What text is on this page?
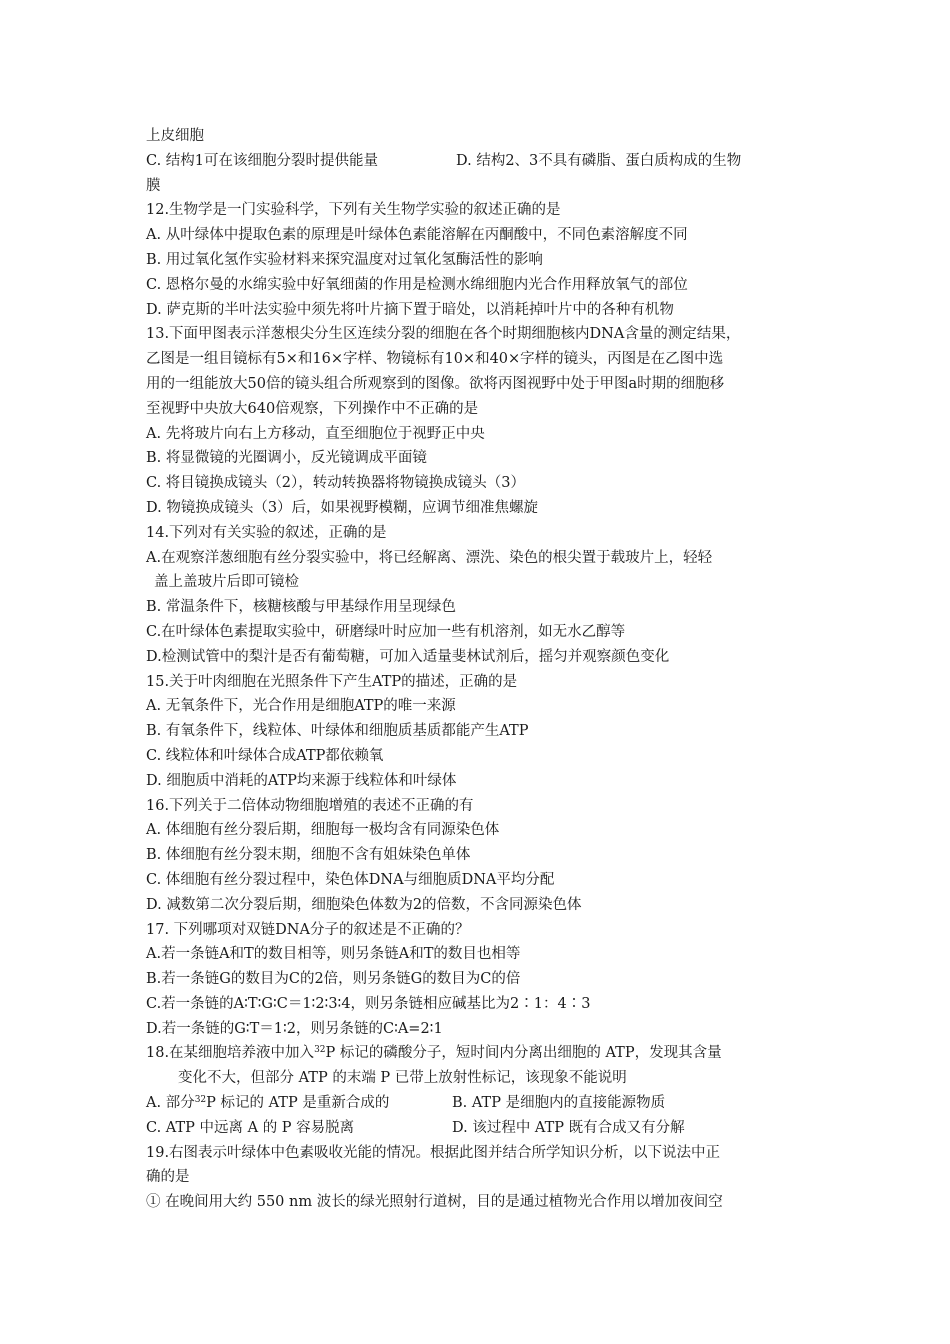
上皮细胞
C. 结构1可在该细胞分裂时提供能量	D. 结构2、3不具有磷脂、蛋白质构成的生物
膜
12.生物学是一门实验科学，下列有关生物学实验的叙述正确的是
A. 从叶绿体中提取色素的原理是叶绿体色素能溶解在丙酮酸中，不同色素溶解度不同
B. 用过氧化氢作实验材料来探究温度对过氧化氢酶活性的影响
C. 恩格尔曼的水绵实验中好氧细菌的作用是检测水绵细胞内光合作用释放氧气的部位
D. 萨克斯的半叶法实验中须先将叶片摘下置于暗处，以消耗掉叶片中的各种有机物
13.下面甲图表示洋葱根尖分生区连续分裂的细胞在各个时期细胞核内DNA含量的测定结果，
乙图是一组目镜标有5×和16×字样、物镜标有10×和40×字样的镜头，丙图是在乙图中选
用的一组能放大50倍的镜头组合所观察到的图像。欲将丙图视野中处于甲图a时期的细胞移
至视野中央放大640倍观察，下列操作中不正确的是
A. 先将玻片向右上方移动，直至细胞位于视野正中央
B. 将显微镜的光圈调小，反光镜调成平面镜
C. 将目镜换成镜头（2），转动转换器将物镜换成镜头（3）
D. 物镜换成镜头（3）后，如果视野模糊，应调节细准焦螺旋
14.下列对有关实验的叙述，正确的是
A.在观察洋葱细胞有丝分裂实验中，将已经解离、漂洗、染色的根尖置于载玻片上，轻轻
盖上盖玻片后即可镜检
B. 常温条件下，核糖核酸与甲基绿作用呈现绿色
C.在叶绿体色素提取实验中，研磨绿叶时应加一些有机溶剂，如无水乙醇等
D.检测试管中的梨汁是否有葡萄糖，可加入适量斐林试剂后，摇匀并观察颜色变化
15.关于叶肉细胞在光照条件下产生ATP的描述，正确的是
A. 无氧条件下，光合作用是细胞ATP的唯一来源
B. 有氧条件下，线粒体、叶绿体和细胞质基质都能产生ATP
C. 线粒体和叶绿体合成ATP都依赖氧
D. 细胞质中消耗的ATP均来源于线粒体和叶绿体
16.下列关于二倍体动物细胞增殖的表述不正确的有
A. 体细胞有丝分裂后期，细胞每一极均含有同源染色体
B. 体细胞有丝分裂末期，细胞不含有姐妹染色单体
C. 体细胞有丝分裂过程中，染色体DNA与细胞质DNA平均分配
D. 减数第二次分裂后期，细胞染色体数为2的倍数，不含同源染色体
17. 下列哪项对双链DNA分子的叙述是不正确的？
A.若一条链A和T的数目相等，则另条链A和T的数目也相等
B.若一条链G的数目为C的2倍，则另条链G的数目为C的倍
C.若一条链的A∶T∶G∶C＝1∶2∶3∶4，则另条链相应碱基比为2∶1：4∶3
D.若一条链的G∶T＝1∶2，则另条链的C∶A=2∶1
18.在某细胞培养液中加入$^{32}$P 标记的磷酸分子，短时间内分离出细胞的 ATP，发现其含量
变化不大，但部分 ATP 的末端 P 已带上放射性标记，该现象不能说明
A. 部分$^{32}$P 标记的 ATP 是重新合成的	B. ATP 是细胞内的直接能源物质
C. ATP 中远离 A 的 P 容易脱离	D. 该过程中 ATP 既有合成又有分解
19.右图表示叶绿体中色素吸收光能的情况。根据此图并结合所学知识分析，以下说法中正
确的是
① 在晚间用大约 550 nm 波长的绿光照射行道树，目的是通过植物光合作用以增加夜间空
